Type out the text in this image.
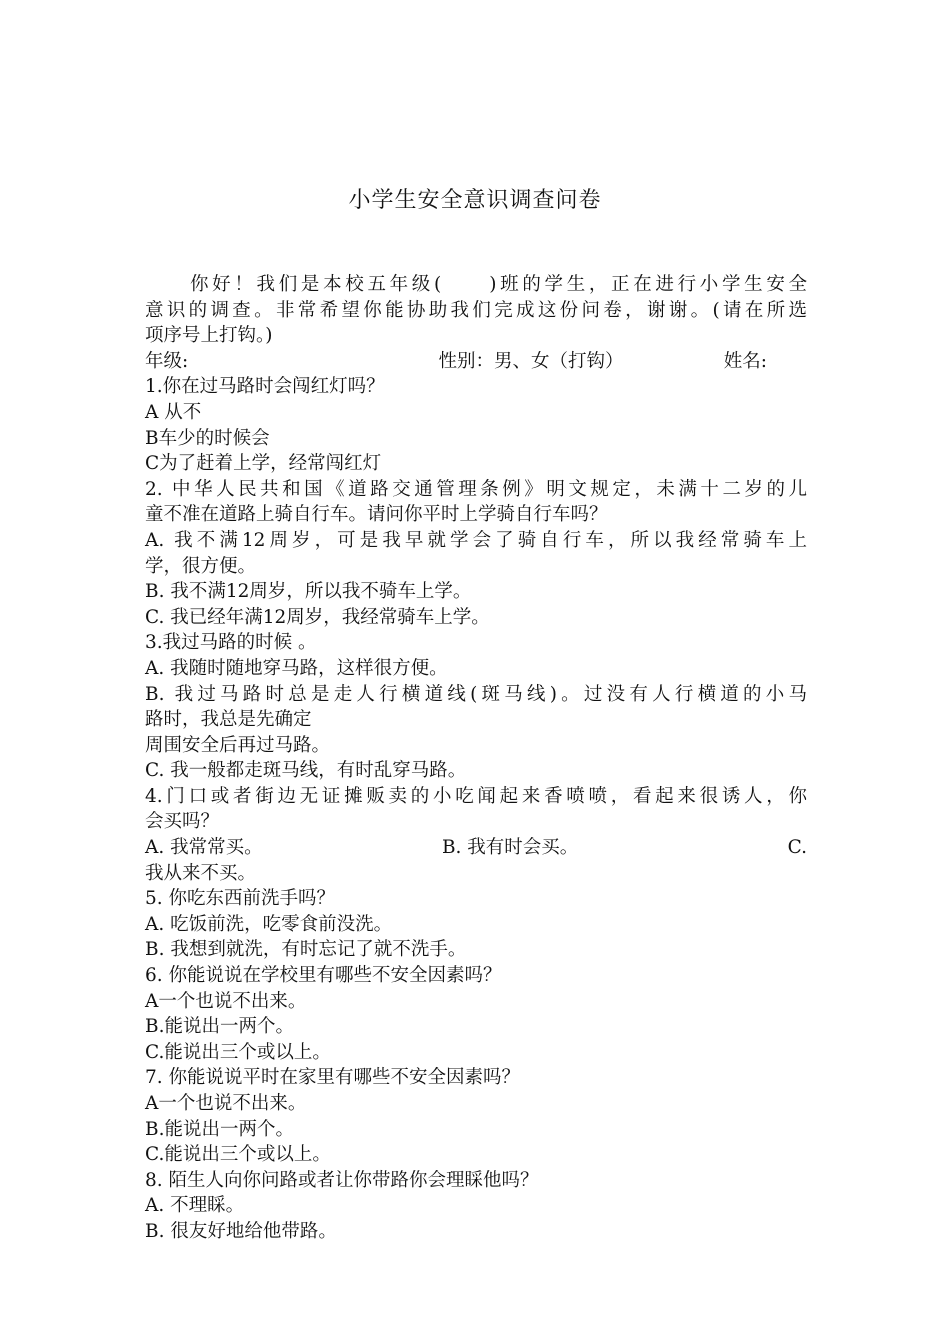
小学生安全意识调查问卷
你好！我们是本校五年级(　　)班的学生，正在进行小学生安全
意识的调查。非常希望你能协助我们完成这份问卷，谢谢。(请在所选
项序号上打钩。)
年级:	性别：男、女（打钩）	姓名:
1.你在过马路时会闯红灯吗？
A 从不
B车少的时候会
C为了赶着上学，经常闯红灯
2. 中华人民共和国《道路交通管理条例》明文规定，未满十二岁的儿
童不准在道路上骑自行车。请问你平时上学骑自行车吗？
A. 我不满12周岁，可是我早就学会了骑自行车，所以我经常骑车上
学，很方便。
B. 我不满12周岁，所以我不骑车上学。
C. 我已经年满12周岁，我经常骑车上学。
3.我过马路的时候 。
A. 我随时随地穿马路，这样很方便。
B. 我过马路时总是走人行横道线(斑马线)。过没有人行横道的小马
路时，我总是先确定
周围安全后再过马路。
C. 我一般都走斑马线，有时乱穿马路。
4.门口或者街边无证摊贩卖的小吃闻起来香喷喷，看起来很诱人，你
会买吗？
A. 我常常买。	B. 我有时会买。	C.
我从来不买。
5. 你吃东西前洗手吗？
A. 吃饭前洗，吃零食前没洗。
B. 我想到就洗，有时忘记了就不洗手。
6. 你能说说在学校里有哪些不安全因素吗？
A一个也说不出来。
B.能说出一两个。
C.能说出三个或以上。
7. 你能说说平时在家里有哪些不安全因素吗？
A一个也说不出来。
B.能说出一两个。
C.能说出三个或以上。
8. 陌生人向你问路或者让你带路你会理睬他吗？
A. 不理睬。
B. 很友好地给他带路。
